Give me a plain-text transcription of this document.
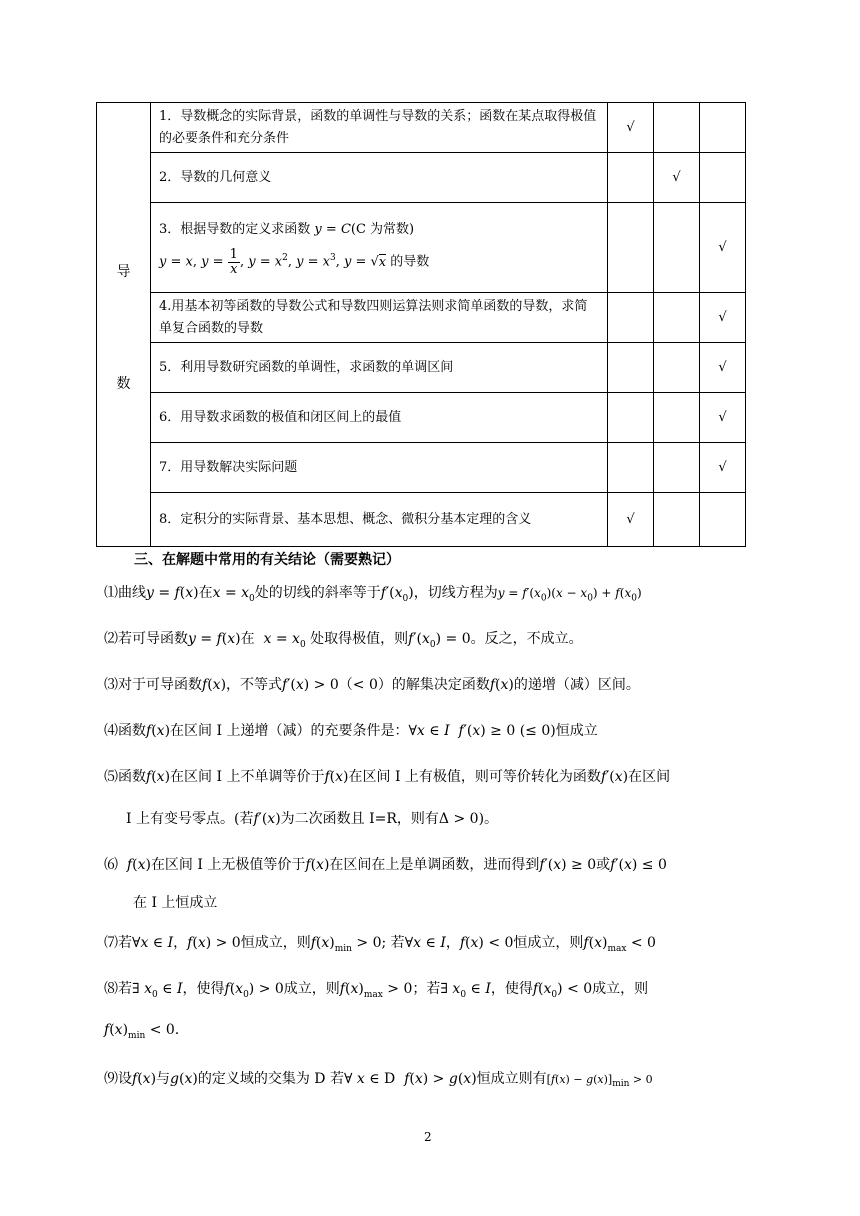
导
数	1．导数概念的实际背景，函数的单调性与导数的关系；函数在某点取得极值的必要条件和充分条件	√		
	2．导数的几何意义		√	

	3．根据导数的定义求函数 y = C(C 为常数)
y = x, $y = \frac{1}{x}$ , $y = x^2$, $y = x^3$, y = √x 的导数			√
	4.用基本初等函数的导数公式和导数四则运算法则求简单函数的导数，求简单复合函数的导数			√
	5．利用导数研究函数的单调性，求函数的单调区间			√
	6．用导数求函数的极值和闭区间上的最值			√
	7．用导数解决实际问题			√
	8．定积分的实际背景、基本思想、概念、微积分基本定理的含义	√		
三、在解题中常用的有关结论（需要熟记）
⑴曲线y = f(x)在$x = x_0$处的切线的斜率等于$f'(x_0)$，切线方程为$y = f'(x_0)(x - x_0) + f(x_0)$
⑵若可导函数y = f(x)在 $x = x_0$ 处取得极值，则$f'(x_0) = 0$。反之，不成立。
⑶对于可导函数f(x)，不等式f′(x) > 0（< 0）的解集决定函数f(x)的递增（减）区间。
⑷函数f(x)在区间 I 上递增（减）的充要条件是：∀x ∈ I f′(x) ≥ 0 (≤ 0)恒成立
⑸函数f(x)在区间 I 上不单调等价于f(x)在区间 I 上有极值，则可等价转化为函数f′(x)在区间
I 上有变号零点。(若f′(x)为二次函数且 I=R，则有Δ > 0)。
⑹ f(x)在区间 I 上无极值等价于f(x)在区间在上是单调函数，进而得到f′(x) ≥ 0或f′(x) ≤ 0
在 I 上恒成立
⑺若∀x ∈ I，f(x) > 0恒成立，则$f(x)_{min} > 0$; 若∀x ∈ I，f(x) < 0恒成立，则$f(x)_{max} < 0$
⑻若∃ $x_0$ ∈ I，使得$f(x_0) > 0$成立，则$f(x)_{max} > 0$；若∃ $x_0$ ∈ I，使得$f(x_0) < 0$成立，则
$f(x)_{min} < 0$.
⑼设f(x)与g(x)的定义域的交集为 D 若∀ x ∈ D f(x) > g(x)恒成立则有$[f(x) - g(x)]_{min} > 0$
2
